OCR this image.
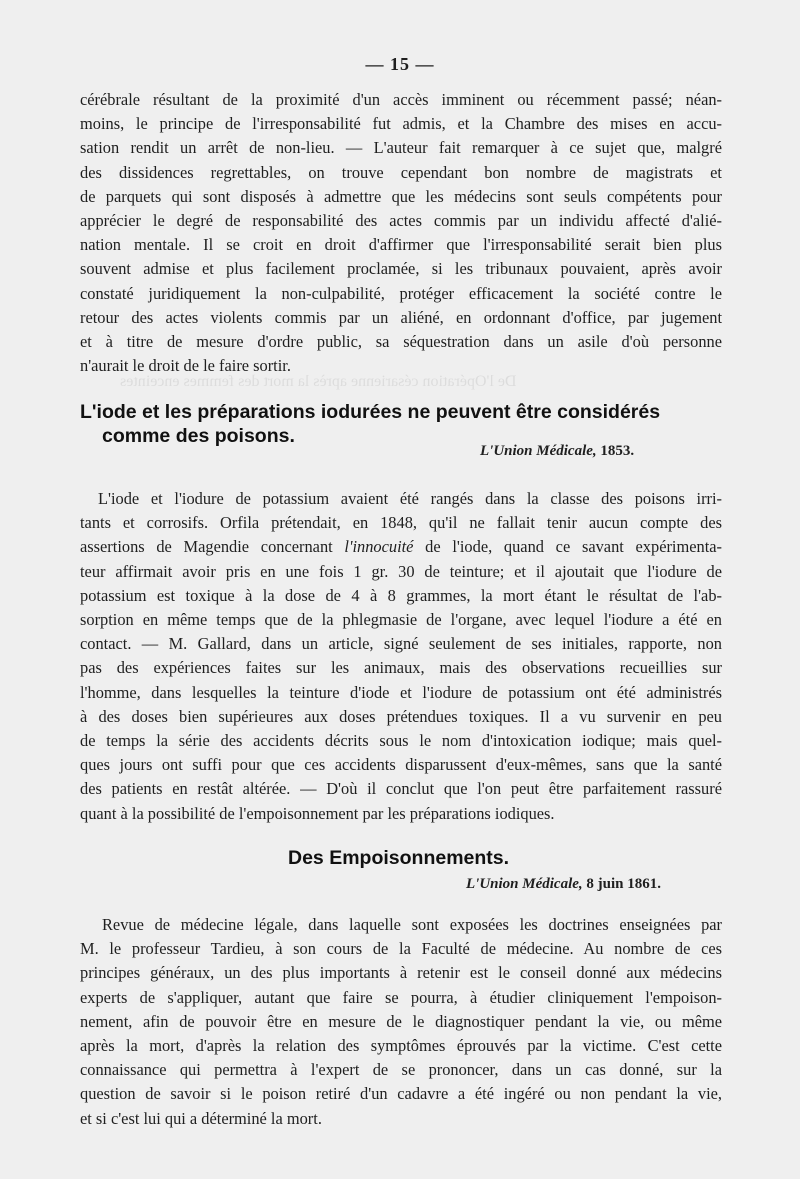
De l'Opération césarienne après la mort des femmes enceintes
— 15 —
cérébrale résultant de la proximité d'un accès imminent ou récemment passé; néan-
moins, le principe de l'irresponsabilité fut admis, et la Chambre des mises en accu-
sation rendit un arrêt de non-lieu. — L'auteur fait remarquer à ce sujet que, malgré
des dissidences regrettables, on trouve cependant bon nombre de magistrats et
de parquets qui sont disposés à admettre que les médecins sont seuls compétents pour
apprécier le degré de responsabilité des actes commis par un individu affecté d'alié-
nation mentale. Il se croit en droit d'affirmer que l'irresponsabilité serait bien plus
souvent admise et plus facilement proclamée, si les tribunaux pouvaient, après avoir
constaté juridiquement la non-culpabilité, protéger efficacement la société contre le
retour des actes violents commis par un aliéné, en ordonnant d'office, par jugement
et à titre de mesure d'ordre public, sa séquestration dans un asile d'où personne
n'aurait le droit de le faire sortir.
L'iode et les préparations iodurées ne peuvent être considérés
comme des poisons.
L'Union Médicale, 1853.
L'iode et l'iodure de potassium avaient été rangés dans la classe des poisons irri-
tants et corrosifs. Orfila prétendait, en 1848, qu'il ne fallait tenir aucun compte des
assertions de Magendie concernant l'innocuité de l'iode, quand ce savant expérimenta-
teur affirmait avoir pris en une fois 1 gr. 30 de teinture; et il ajoutait que l'iodure de
potassium est toxique à la dose de 4 à 8 grammes, la mort étant le résultat de l'ab-
sorption en même temps que de la phlegmasie de l'organe, avec lequel l'iodure a été en
contact. — M. Gallard, dans un article, signé seulement de ses initiales, rapporte, non
pas des expériences faites sur les animaux, mais des observations recueillies sur
l'homme, dans lesquelles la teinture d'iode et l'iodure de potassium ont été administrés
à des doses bien supérieures aux doses prétendues toxiques. Il a vu survenir en peu
de temps la série des accidents décrits sous le nom d'intoxication iodique; mais quel-
ques jours ont suffi pour que ces accidents disparussent d'eux-mêmes, sans que la santé
des patients en restât altérée. — D'où il conclut que l'on peut être parfaitement rassuré
quant à la possibilité de l'empoisonnement par les préparations iodiques.
Des Empoisonnements.
L'Union Médicale, 8 juin 1861.
Revue de médecine légale, dans laquelle sont exposées les doctrines enseignées par
M. le professeur Tardieu, à son cours de la Faculté de médecine. Au nombre de ces
principes généraux, un des plus importants à retenir est le conseil donné aux médecins
experts de s'appliquer, autant que faire se pourra, à étudier cliniquement l'empoison-
nement, afin de pouvoir être en mesure de le diagnostiquer pendant la vie, ou même
après la mort, d'après la relation des symptômes éprouvés par la victime. C'est cette
connaissance qui permettra à l'expert de se prononcer, dans un cas donné, sur la
question de savoir si le poison retiré d'un cadavre a été ingéré ou non pendant la vie,
et si c'est lui qui a déterminé la mort.
